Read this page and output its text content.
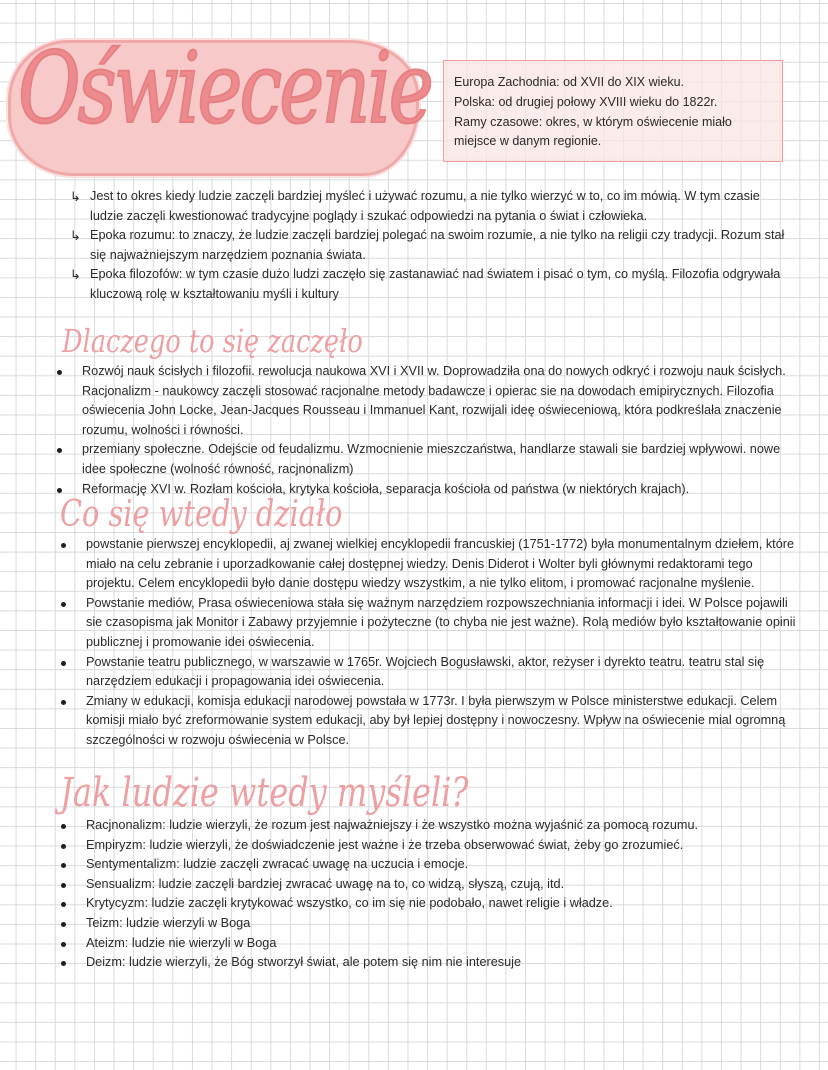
Oświecenie Europa Zachodnia: od XVII do XIX wieku.
Polska: od drugiej połowy XVIII wieku do 1822r.
Ramy czasowe: okres, w którym oświecenie miało
miejsce w danym regionie.
↳ Jest to okres kiedy ludzie zaczęli bardziej myśleć i używać rozumu, a nie tylko wierzyć w to, co im mówią. W tym czasie ludzie zaczęli kwestionować tradycyjne poglądy i szukać odpowiedzi na pytania o świat i człowieka.
↳ Epoka rozumu: to znaczy, że ludzie zaczęli bardziej polegać na swoim rozumie, a nie tylko na religii czy tradycji. Rozum stał się najważniejszym narzędziem poznania świata.
↳ Epoka filozofów: w tym czasie dużo ludzi zaczęło się zastanawiać nad światem i pisać o tym, co myślą. Filozofia odgrywała kluczową rolę w kształtowaniu myśli i kultury
Dlaczego to się zaczęło
Rozwój nauk ścisłych i filozofii. rewolucja naukowa XVI i XVII w. Doprowadziła ona do nowych odkryć i rozwoju nauk ścisłych. Racjonalizm - naukowcy zaczęli stosować racjonalne metody badawcze i opierac sie na dowodach emipirycznych. Filozofia oświecenia John Locke, Jean-Jacques Rousseau i Immanuel Kant, rozwijali ideę oświeceniową, która podkreślała znaczenie rozumu, wolności i równości.
przemiany społeczne. Odejście od feudalizmu. Wzmocnienie mieszczaństwa, handlarze stawali sie bardziej wpływowi. nowe idee społeczne (wolność równość, racjnonalizm)
Reformację XVI w. Rozłam kościoła, krytyka kościoła, separacja kościoła od państwa (w niektórych krajach).
Co się wtedy działo
powstanie pierwszej encyklopedii, aj zwanej wielkiej encyklopedii francuskiej (1751-1772) była monumentalnym dziełem, które miało na celu zebranie i uporzadkowanie całej dostępnej wiedzy. Denis Diderot i Wolter byli głównymi redaktorami tego projektu. Celem encyklopedii było danie dostępu wiedzy wszystkim, a nie tylko elitom, i promować racjonalne myślenie.
Powstanie mediów, Prasa oświeceniowa stała się ważnym narzędziem rozpowszechniania informacji i idei. W Polsce pojawili sie czasopisma jak Monitor i Zabawy przyjemnie i pożyteczne (to chyba nie jest ważne). Rolą mediów było kształtowanie opinii publicznej i promowanie idei oświecenia.
Powstanie teatru publicznego, w warszawie w 1765r. Wojciech Bogusławski, aktor, reżyser i dyrekto teatru. teatru stal się narzędziem edukacji i propagowania idei oświecenia.
Zmiany w edukacji, komisja edukacji narodowej powstała w 1773r. I była pierwszym w Polsce ministerstwe edukacji. Celem komisji miało być zreformowanie system edukacji, aby był lepiej dostępny i nowoczesny. Wpływ na oświecenie mial ogromną szczególności w rozwoju oświecenia w Polsce.
Jak ludzie wtedy myśleli?
Racjnonalizm: ludzie wierzyli, że rozum jest najważniejszy i że wszystko można wyjaśnić za pomocą rozumu.
Empiryzm: ludzie wierzyli, że doświadczenie jest ważne i że trzeba obserwować świat, żeby go zrozumieć.
Sentymentalizm: ludzie zaczęli zwracać uwagę na uczucia i emocje.
Sensualizm: ludzie zaczęli bardziej zwracać uwagę na to, co widzą, słyszą, czują, itd.
Krytycyzm: ludzie zaczęli krytykować wszystko, co im się nie podobało, nawet religie i władze.
Teizm: ludzie wierzyli w Boga
Ateizm: ludzie nie wierzyli w Boga
Deizm: ludzie wierzyli, że Bóg stworzył świat, ale potem się nim nie interesuje
